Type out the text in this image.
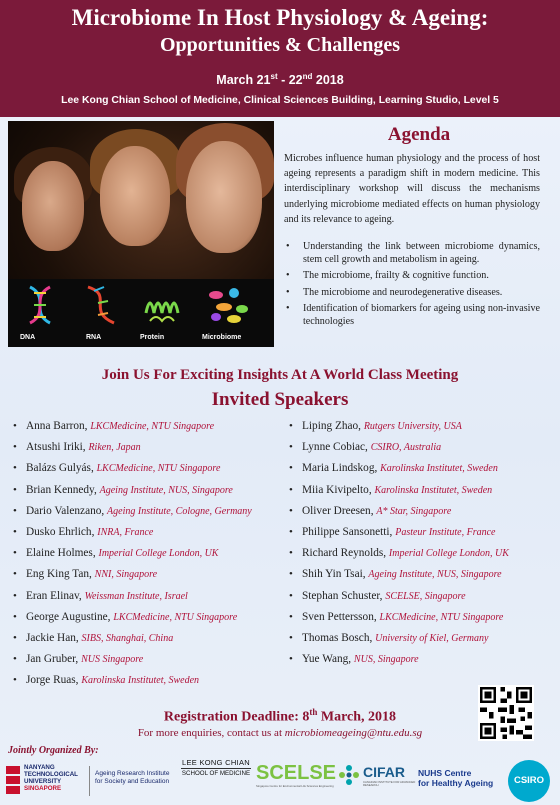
Microbiome In Host Physiology & Ageing:
Opportunities & Challenges
March 21st - 22nd 2018
Lee Kong Chian School of Medicine, Clinical Sciences Building, Learning Studio, Level 5
DNA	RNA	Protein	Microbiome
Agenda
Microbes influence human physiology and the process of host ageing represents a paradigm shift in modern medicine. This interdisciplinary workshop will discuss the mechanisms underlying microbiome mediated effects on human physiology and its relevance to ageing.
• Understanding the link between microbiome dynamics, stem cell growth and metabolism in ageing.
• The microbiome, frailty & cognitive function.
• The microbiome and neurodegenerative diseases.
• Identification of biomarkers for ageing using non-invasive technologies
Join Us For Exciting Insights At A World Class Meeting
Invited Speakers
• Anna Barron, LKCMedicine, NTU Singapore
• Atsushi Iriki, Riken, Japan
• Balázs Gulyás, LKCMedicine, NTU Singapore
• Brian Kennedy, Ageing Institute, NUS, Singapore
• Dario Valenzano, Ageing Institute, Cologne, Germany
• Dusko Ehrlich, INRA, France
• Elaine Holmes, Imperial College London, UK
• Eng King Tan, NNI, Singapore
• Eran Elinav, Weissman Institute, Israel
• George Augustine, LKCMedicine, NTU Singapore
• Jackie Han, SIBS, Shanghai, China
• Jan Gruber, NUS Singapore
• Jorge Ruas, Karolinska Institutet, Sweden
• Liping Zhao, Rutgers University, USA
• Lynne Cobiac, CSIRO, Australia
• Maria Lindskog, Karolinska Institutet, Sweden
• Miia Kivipelto, Karolinska Institutet, Sweden
• Oliver Dreesen, A* Star, Singapore
• Philippe Sansonetti, Pasteur Institute, France
• Richard Reynolds, Imperial College London, UK
• Shih Yin Tsai, Ageing Institute, NUS, Singapore
• Stephan Schuster, SCELSE, Singapore
• Sven Pettersson, LKCMedicine, NTU Singapore
• Thomas Bosch, University of Kiel, Germany
• Yue Wang, NUS, Singapore
Registration Deadline: 8th March, 2018
For more enquiries, contact us at microbiomeageing@ntu.edu.sg
Jointly Organized By:
NANYANG
TECHNOLOGICAL
UNIVERSITY
SINGAPORE
Ageing Research Institute
for Society and Education
LEE KONG CHIAN
SCHOOL OF MEDICINE SCELSE
Singapore Centre for Environmental Life Sciences Engineering
CIFAR
CANADIAN INSTITUTE FOR ADVANCED RESEARCH
NUHS Centre
for Healthy Ageing	CSIRO
